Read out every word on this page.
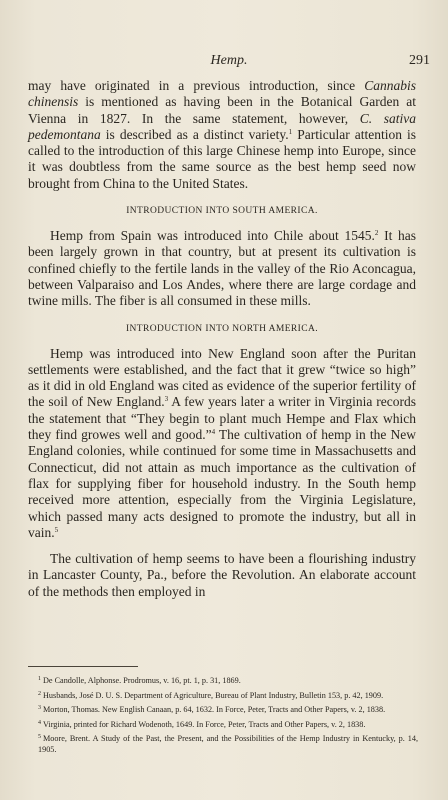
Hemp.	291

may have originated in a previous introduction, since Cannabis chinensis is mentioned as having been in the Botanical Garden at Vienna in 1827. In the same statement, however, C. sativa pedemontana is described as a distinct variety.$^1$ Particular attention is called to the introduction of this large Chinese hemp into Europe, since it was doubtless from the same source as the best hemp seed now brought from China to the United States.

INTRODUCTION INTO SOUTH AMERICA.

Hemp from Spain was introduced into Chile about 1545.$^2$ It has been largely grown in that country, but at present its cultivation is confined chiefly to the fertile lands in the valley of the Rio Aconcagua, between Valparaiso and Los Andes, where there are large cordage and twine mills. The fiber is all consumed in these mills.

INTRODUCTION INTO NORTH AMERICA.

Hemp was introduced into New England soon after the Puritan settlements were established, and the fact that it grew “twice so high” as it did in old England was cited as evidence of the superior fertility of the soil of New England.$^3$ A few years later a writer in Virginia records the statement that “They begin to plant much Hempe and Flax which they find growes well and good.”$^4$ The cultivation of hemp in the New England colonies, while continued for some time in Massachusetts and Connecticut, did not attain as much importance as the cultivation of flax for supplying fiber for household industry. In the South hemp received more attention, especially from the Virginia Legislature, which passed many acts designed to promote the industry, but all in vain.$^5$

The cultivation of hemp seems to have been a flourishing industry in Lancaster County, Pa., before the Revolution. An elaborate account of the methods then employed in

$^1$ De Candolle, Alphonse. Prodromus, v. 16, pt. 1, p. 31, 1869.

$^2$ Husbands, José D. U. S. Department of Agriculture, Bureau of Plant Industry, Bulletin 153, p. 42, 1909.

$^3$ Morton, Thomas. New English Canaan, p. 64, 1632. In Force, Peter, Tracts and Other Papers, v. 2, 1838.

$^4$ Virginia, printed for Richard Wodenoth, 1649. In Force, Peter, Tracts and Other Papers, v. 2, 1838.

$^5$ Moore, Brent. A Study of the Past, the Present, and the Possibilities of the Hemp Industry in Kentucky, p. 14, 1905.
